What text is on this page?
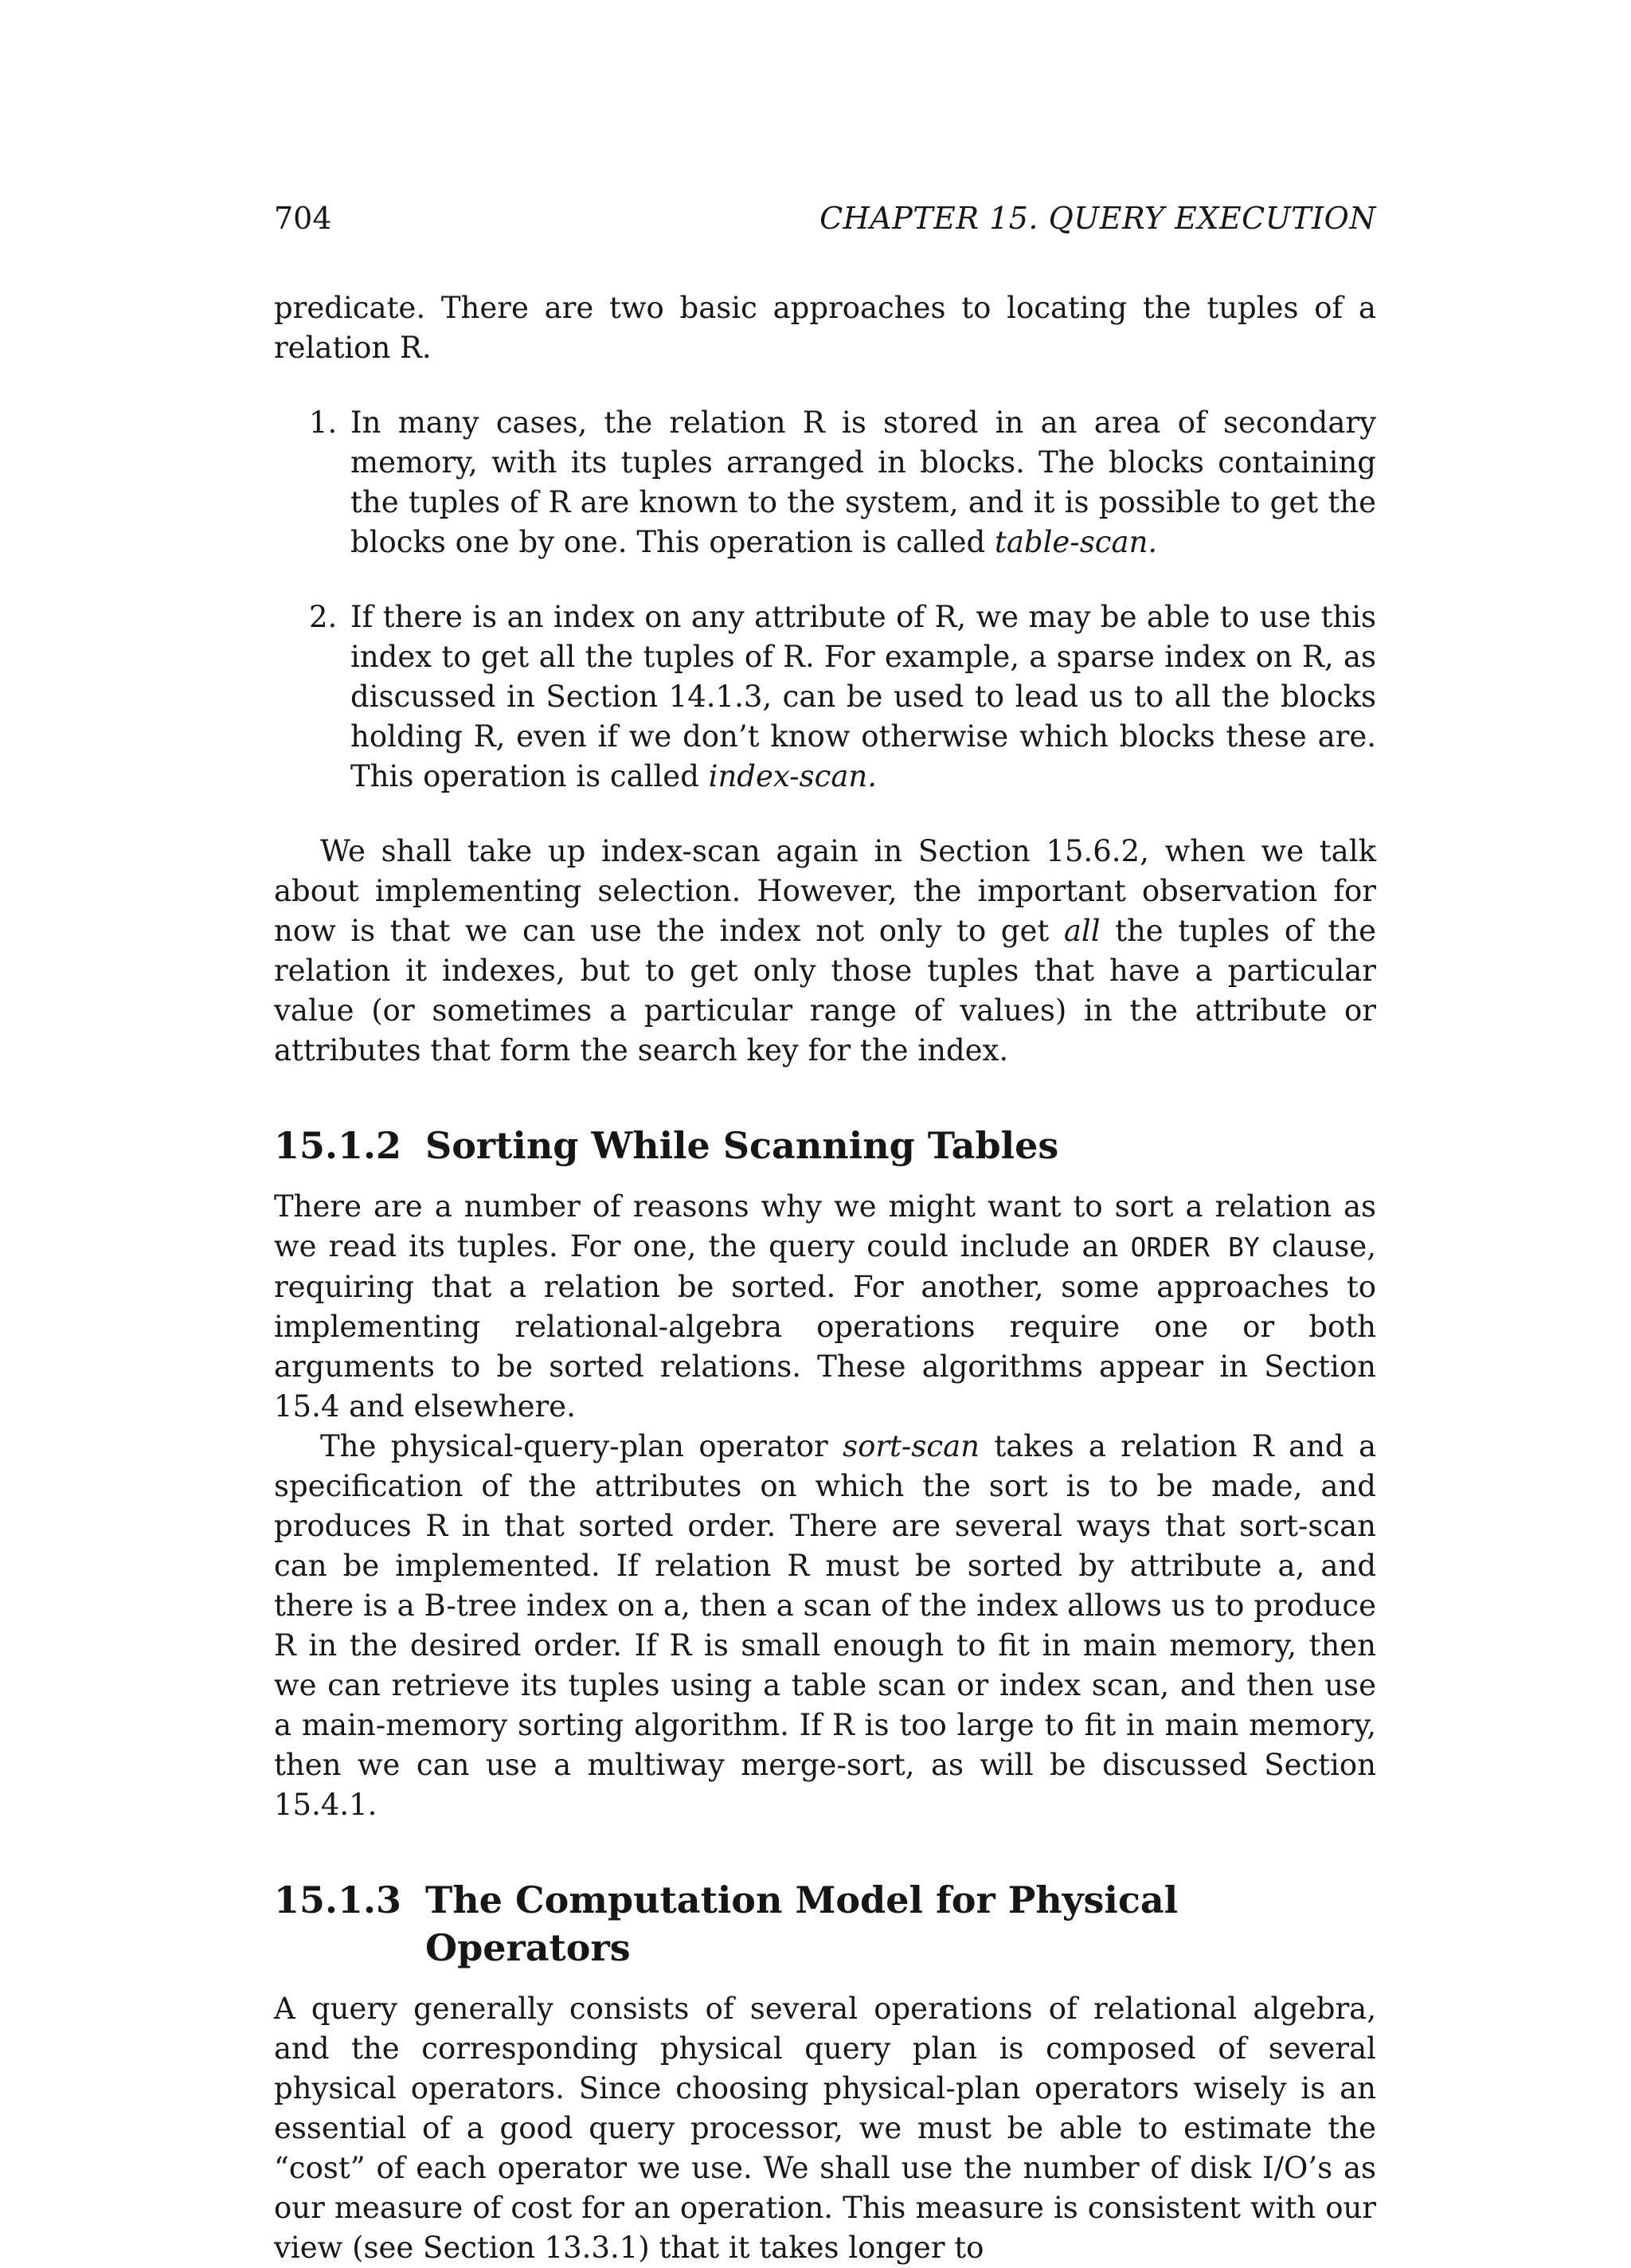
704	CHAPTER 15. QUERY EXECUTION

predicate. There are two basic approaches to locating the tuples of a relation R.

1. In many cases, the relation R is stored in an area of secondary memory, with its tuples arranged in blocks. The blocks containing the tuples of R are known to the system, and it is possible to get the blocks one by one. This operation is called table-scan.

2. If there is an index on any attribute of R, we may be able to use this index to get all the tuples of R. For example, a sparse index on R, as discussed in Section 14.1.3, can be used to lead us to all the blocks holding R, even if we don’t know otherwise which blocks these are. This operation is called index-scan.

We shall take up index-scan again in Section 15.6.2, when we talk about implementing selection. However, the important observation for now is that we can use the index not only to get all the tuples of the relation it indexes, but to get only those tuples that have a particular value (or sometimes a particular range of values) in the attribute or attributes that form the search key for the index.

15.1.2 Sorting While Scanning Tables

There are a number of reasons why we might want to sort a relation as we read its tuples. For one, the query could include an ORDER BY clause, requiring that a relation be sorted. For another, some approaches to implementing relational-algebra operations require one or both arguments to be sorted relations. These algorithms appear in Section 15.4 and elsewhere.

The physical-query-plan operator sort-scan takes a relation R and a specification of the attributes on which the sort is to be made, and produces R in that sorted order. There are several ways that sort-scan can be implemented. If relation R must be sorted by attribute a, and there is a B-tree index on a, then a scan of the index allows us to produce R in the desired order. If R is small enough to fit in main memory, then we can retrieve its tuples using a table scan or index scan, and then use a main-memory sorting algorithm. If R is too large to fit in main memory, then we can use a multiway merge-sort, as will be discussed Section 15.4.1.

15.1.3 The Computation Model for Physical Operators

A query generally consists of several operations of relational algebra, and the corresponding physical query plan is composed of several physical operators. Since choosing physical-plan operators wisely is an essential of a good query processor, we must be able to estimate the “cost” of each operator we use. We shall use the number of disk I/O’s as our measure of cost for an operation. This measure is consistent with our view (see Section 13.3.1) that it takes longer to
